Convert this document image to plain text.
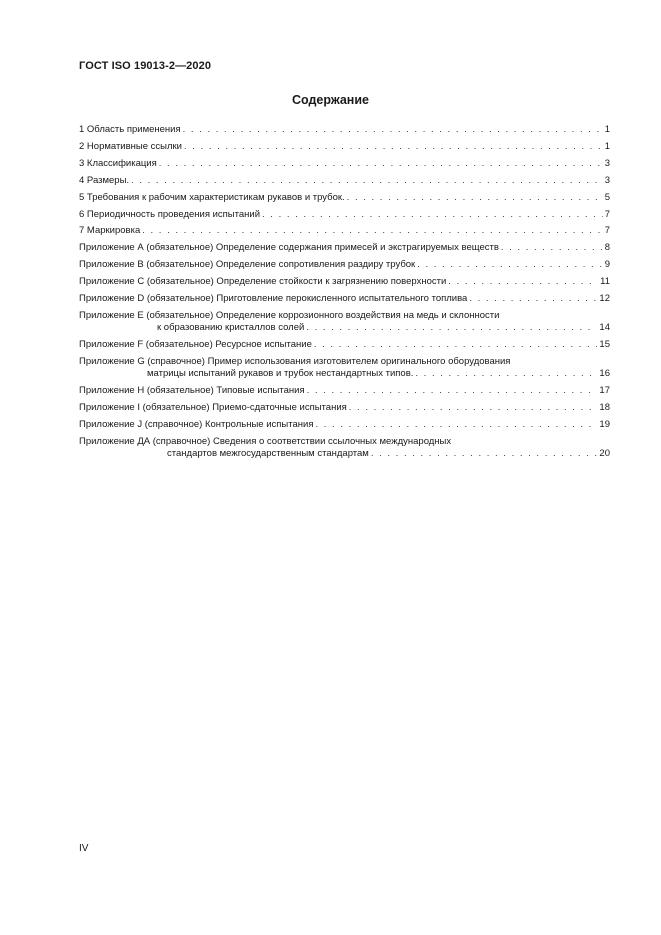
ГОСТ ISO 19013-2—2020
Содержание
1 Область применения . . .	1
2 Нормативные ссылки . . .	1
3 Классификация . . .	3
4 Размеры. . . .	3
5 Требования к рабочим характеристикам рукавов и трубок. . . .	5
6 Периодичность проведения испытаний . . .	7
7 Маркировка . . .	7
Приложение А (обязательное) Определение содержания примесей и экстрагируемых веществ . . .	8
Приложение В (обязательное) Определение сопротивления раздиру трубок . . .	9
Приложение С (обязательное) Определение стойкости к загрязнению поверхности . . .	11
Приложение D (обязательное) Приготовление перокисленного испытательного топлива . . .	12
Приложение Е (обязательное) Определение коррозионного воздействия на медь и склонности
к образованию кристаллов солей . . .	14
Приложение F (обязательное) Ресурсное испытание . . .	15
Приложение G (справочное) Пример использования изготовителем оригинального оборудования
матрицы испытаний рукавов и трубок нестандартных типов. . . .	16
Приложение Н (обязательное) Типовые испытания . . .	17
Приложение I (обязательное) Приемо-сдаточные испытания . . .	18
Приложение J (справочное) Контрольные испытания . . .	19
Приложение ДА (справочное) Сведения о соответствии ссылочных международных
стандартов межгосударственным стандартам . . .	20
IV
